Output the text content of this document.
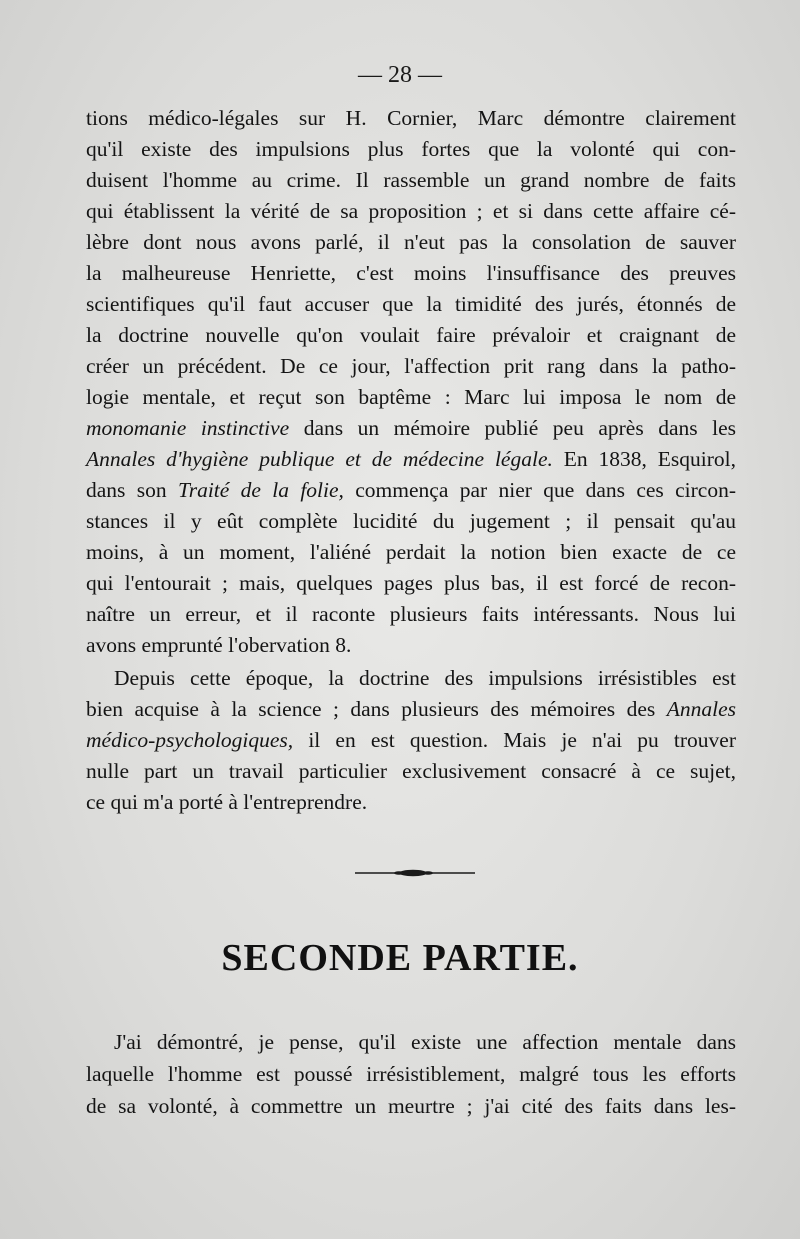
— 28 —
tions médico-légales sur H. Cornier, Marc démontre clairement
qu'il existe des impulsions plus fortes que la volonté qui con-
duisent l'homme au crime. Il rassemble un grand nombre de faits
qui établissent la vérité de sa proposition ; et si dans cette affaire cé-
lèbre dont nous avons parlé, il n'eut pas la consolation de sauver
la malheureuse Henriette, c'est moins l'insuffisance des preuves
scientifiques qu'il faut accuser que la timidité des jurés, étonnés de
la doctrine nouvelle qu'on voulait faire prévaloir et craignant de
créer un précédent. De ce jour, l'affection prit rang dans la patho-
logie mentale, et reçut son baptême : Marc lui imposa le nom de
monomanie instinctive dans un mémoire publié peu après dans les
Annales d'hygiène publique et de médecine légale. En 1838, Esquirol,
dans son Traité de la folie, commença par nier que dans ces circon-
stances il y eût complète lucidité du jugement ; il pensait qu'au
moins, à un moment, l'aliéné perdait la notion bien exacte de ce
qui l'entourait ; mais, quelques pages plus bas, il est forcé de recon-
naître un erreur, et il raconte plusieurs faits intéressants. Nous lui
avons emprunté l'obervation 8.
Depuis cette époque, la doctrine des impulsions irrésistibles est
bien acquise à la science ; dans plusieurs des mémoires des Annales
médico-psychologiques, il en est question. Mais je n'ai pu trouver
nulle part un travail particulier exclusivement consacré à ce sujet,
ce qui m'a porté à l'entreprendre.
SECONDE PARTIE.
J'ai démontré, je pense, qu'il existe une affection mentale dans
laquelle l'homme est poussé irrésistiblement, malgré tous les efforts
de sa volonté, à commettre un meurtre ; j'ai cité des faits dans les-
